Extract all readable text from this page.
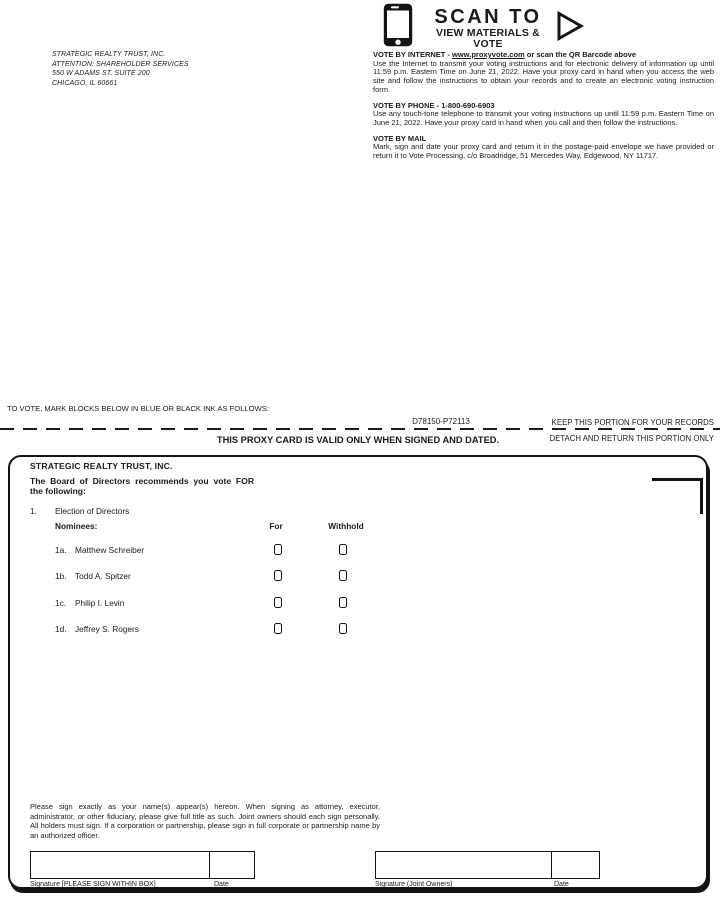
STRATEGIC REALTY TRUST, INC.
ATTENTION: SHAREHOLDER SERVICES
550 W ADAMS ST. SUITE 200
CHICAGO, IL 60661
SCAN TO
VIEW MATERIALS & VOTE
VOTE BY INTERNET - www.proxyvote.com or scan the QR Barcode above

Use the Internet to transmit your voting instructions and for electronic delivery of information up until 11:59 p.m. Eastern Time on June 21, 2022. Have your proxy card in hand when you access the web site and follow the instructions to obtain your records and to create an electronic voting instruction form.

VOTE BY PHONE - 1-800-690-6903

Use any touch-tone telephone to transmit your voting instructions up until 11:59 p.m. Eastern Time on June 21, 2022. Have your proxy card in hand when you call and then follow the instructions.

VOTE BY MAIL

Mark, sign and date your proxy card and return it in the postage-paid envelope we have provided or return it to Vote Processing, c/o Broadridge, 51 Mercedes Way, Edgewood, NY 11717.

TO VOTE, MARK BLOCKS BELOW IN BLUE OR BLACK INK AS FOLLOWS:
D78150-P72113	KEEP THIS PORTION FOR YOUR RECORDS
THIS PROXY CARD IS VALID ONLY WHEN SIGNED AND DATED.	DETACH AND RETURN THIS PORTION ONLY
STRATEGIC REALTY TRUST, INC.
The Board of Directors recommends you vote FOR
the following:
1. Election of Directors
Nominees:	For	Withhold
1a. Matthew Schreiber
1b. Todd A. Spitzer
1c. Philip I. Levin
1d. Jeffrey S. Rogers
Please sign exactly as your name(s) appear(s) hereon. When signing as attorney, executor, administrator, or other fiduciary, please give full title as such. Joint owners should each sign personally. All holders must sign. If a corporation or partnership, please sign in full corporate or partnership name by an authorized officer.
Signature [PLEASE SIGN WITHIN BOX]	Date	Signature (Joint Owners)	Date
